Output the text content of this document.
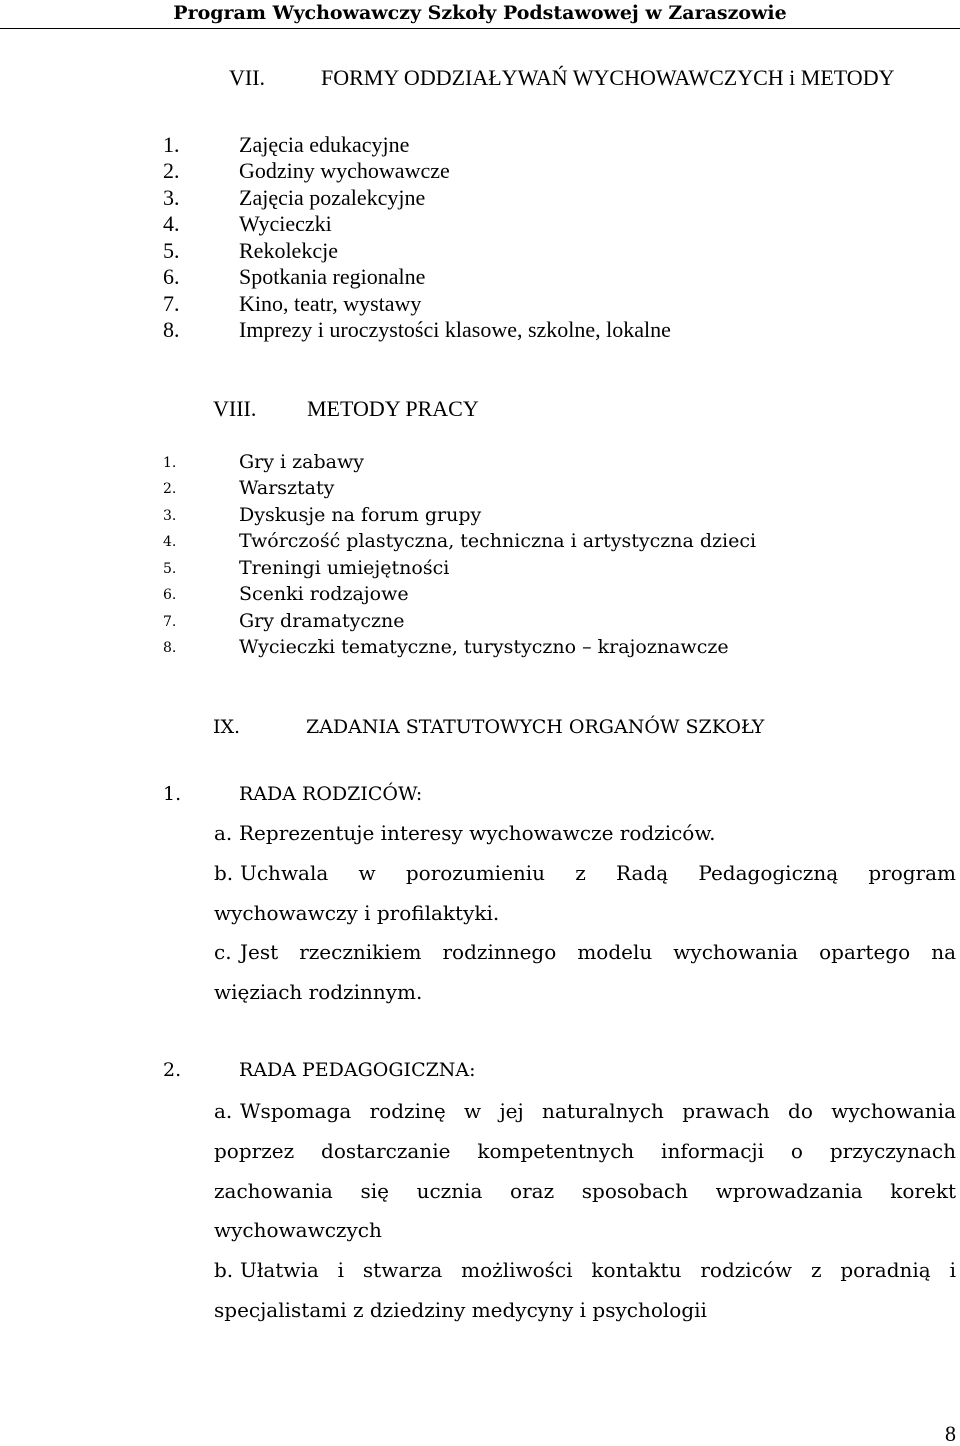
Program Wychowawczy Szkoły Podstawowej w Zaraszowie
VII.	FORMY ODDZIAŁYWAŃ WYCHOWAWCZYCH i METODY
1.	Zajęcia edukacyjne
2.	Godziny wychowawcze
3.	Zajęcia pozalekcyjne
4.	Wycieczki
5.	Rekolekcje
6.	Spotkania regionalne
7.	Kino, teatr, wystawy
8.	Imprezy i uroczystości klasowe, szkolne, lokalne
VIII. METODY PRACY
1.	Gry i zabawy
2.	Warsztaty
3.	Dyskusje na forum grupy
4.	Twórczość plastyczna, techniczna i artystyczna dzieci
5.	Treningi umiejętności
6.	Scenki rodzajowe
7.	Gry dramatyczne
8.	Wycieczki tematyczne, turystyczno – krajoznawcze
IX.	ZADANIA STATUTOWYCH ORGANÓW SZKOŁY
1.	RADA RODZICÓW:
a. Reprezentuje interesy wychowawcze rodziców.
b. Uchwala w porozumieniu z Radą Pedagogiczną program
wychowawczy i profilaktyki.
c. Jest rzecznikiem rodzinnego modelu wychowania opartego na
więziach rodzinnym.
2.	RADA PEDAGOGICZNA:
a. Wspomaga rodzinę w jej naturalnych prawach do wychowania
poprzez dostarczanie kompetentnych informacji o przyczynach
zachowania się ucznia oraz sposobach wprowadzania korekt
wychowawczych
b. Ułatwia i stwarza możliwości kontaktu rodziców z poradnią i
specjalistami z dziedziny medycyny i psychologii
8
